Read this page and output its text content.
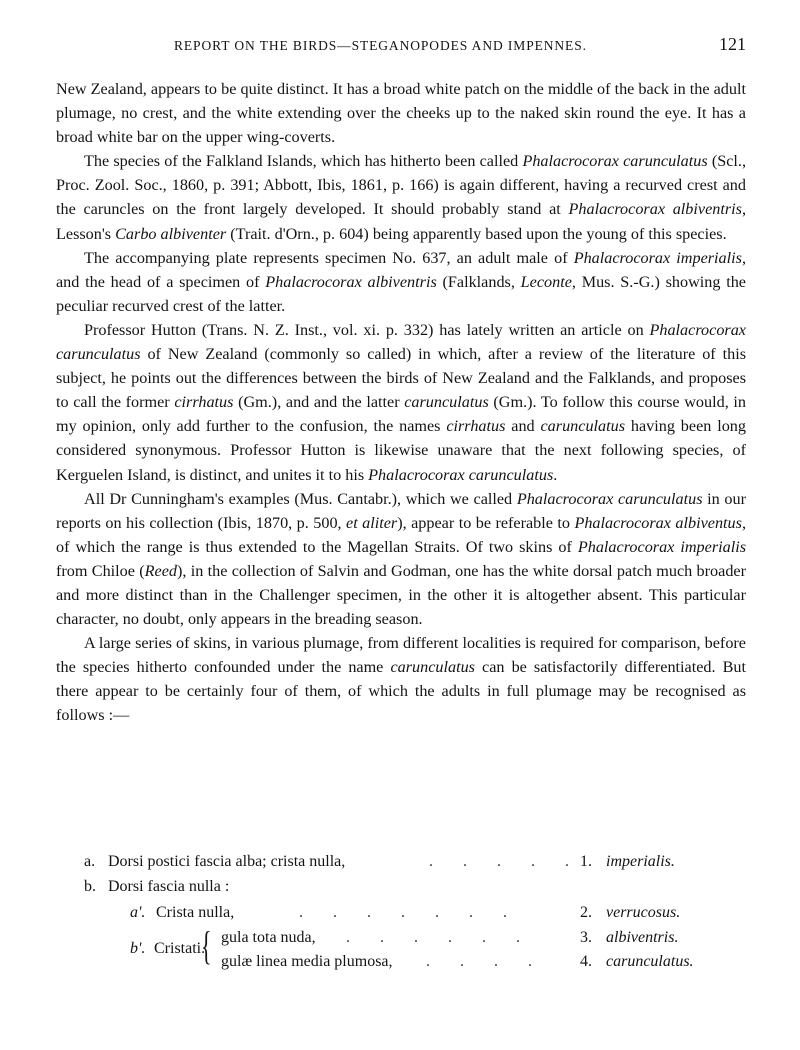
REPORT ON THE BIRDS—STEGANOPODES AND IMPENNES.	121

New Zealand, appears to be quite distinct. It has a broad white patch on the middle of the back in the adult plumage, no crest, and the white extending over the cheeks up to the naked skin round the eye. It has a broad white bar on the upper wing-coverts.

The species of the Falkland Islands, which has hitherto been called Phalacrocorax carunculatus (Scl., Proc. Zool. Soc., 1860, p. 391; Abbott, Ibis, 1861, p. 166) is again different, having a recurved crest and the caruncles on the front largely developed. It should probably stand at Phalacrocorax albiventris, Lesson's Carbo albiventer (Trait. d'Orn., p. 604) being apparently based upon the young of this species.

The accompanying plate represents specimen No. 637, an adult male of Phalacrocorax imperialis, and the head of a specimen of Phalacrocorax albiventris (Falklands, Leconte, Mus. S.-G.) showing the peculiar recurved crest of the latter.

Professor Hutton (Trans. N. Z. Inst., vol. xi. p. 332) has lately written an article on Phalacrocorax carunculatus of New Zealand (commonly so called) in which, after a review of the literature of this subject, he points out the differences between the birds of New Zealand and the Falklands, and proposes to call the former cirrhatus (Gm.), and and the latter carunculatus (Gm.). To follow this course would, in my opinion, only add further to the confusion, the names cirrhatus and carunculatus having been long considered synonymous. Professor Hutton is likewise unaware that the next following species, of Kerguelen Island, is distinct, and unites it to his Phalacrocorax carunculatus.

All Dr Cunningham's examples (Mus. Cantabr.), which we called Phalacrocorax carunculatus in our reports on his collection (Ibis, 1870, p. 500, et aliter), appear to be referable to Phalacrocorax albiventus, of which the range is thus extended to the Magellan Straits. Of two skins of Phalacrocorax imperialis from Chiloe (Reed), in the collection of Salvin and Godman, one has the white dorsal patch much broader and more distinct than in the Challenger specimen, in the other it is altogether absent. This particular character, no doubt, only appears in the breading season.

A large series of skins, in various plumage, from different localities is required for comparison, before the species hitherto confounded under the name carunculatus can be satisfactorily differentiated. But there appear to be certainly four of them, of which the adults in full plumage may be recognised as follows :—

a. Dorsi postici fascia alba; crista nulla,	. . . . . 1. imperialis.
b. Dorsi fascia nulla :
a'. Crista nulla,	. . . . . . .	2. verrucosus.
b'. Cristati.
{ gula tota nuda, . . . . . .	3. albiventris.
gulæ linea media plumosa, . . . .	4. carunculatus.
